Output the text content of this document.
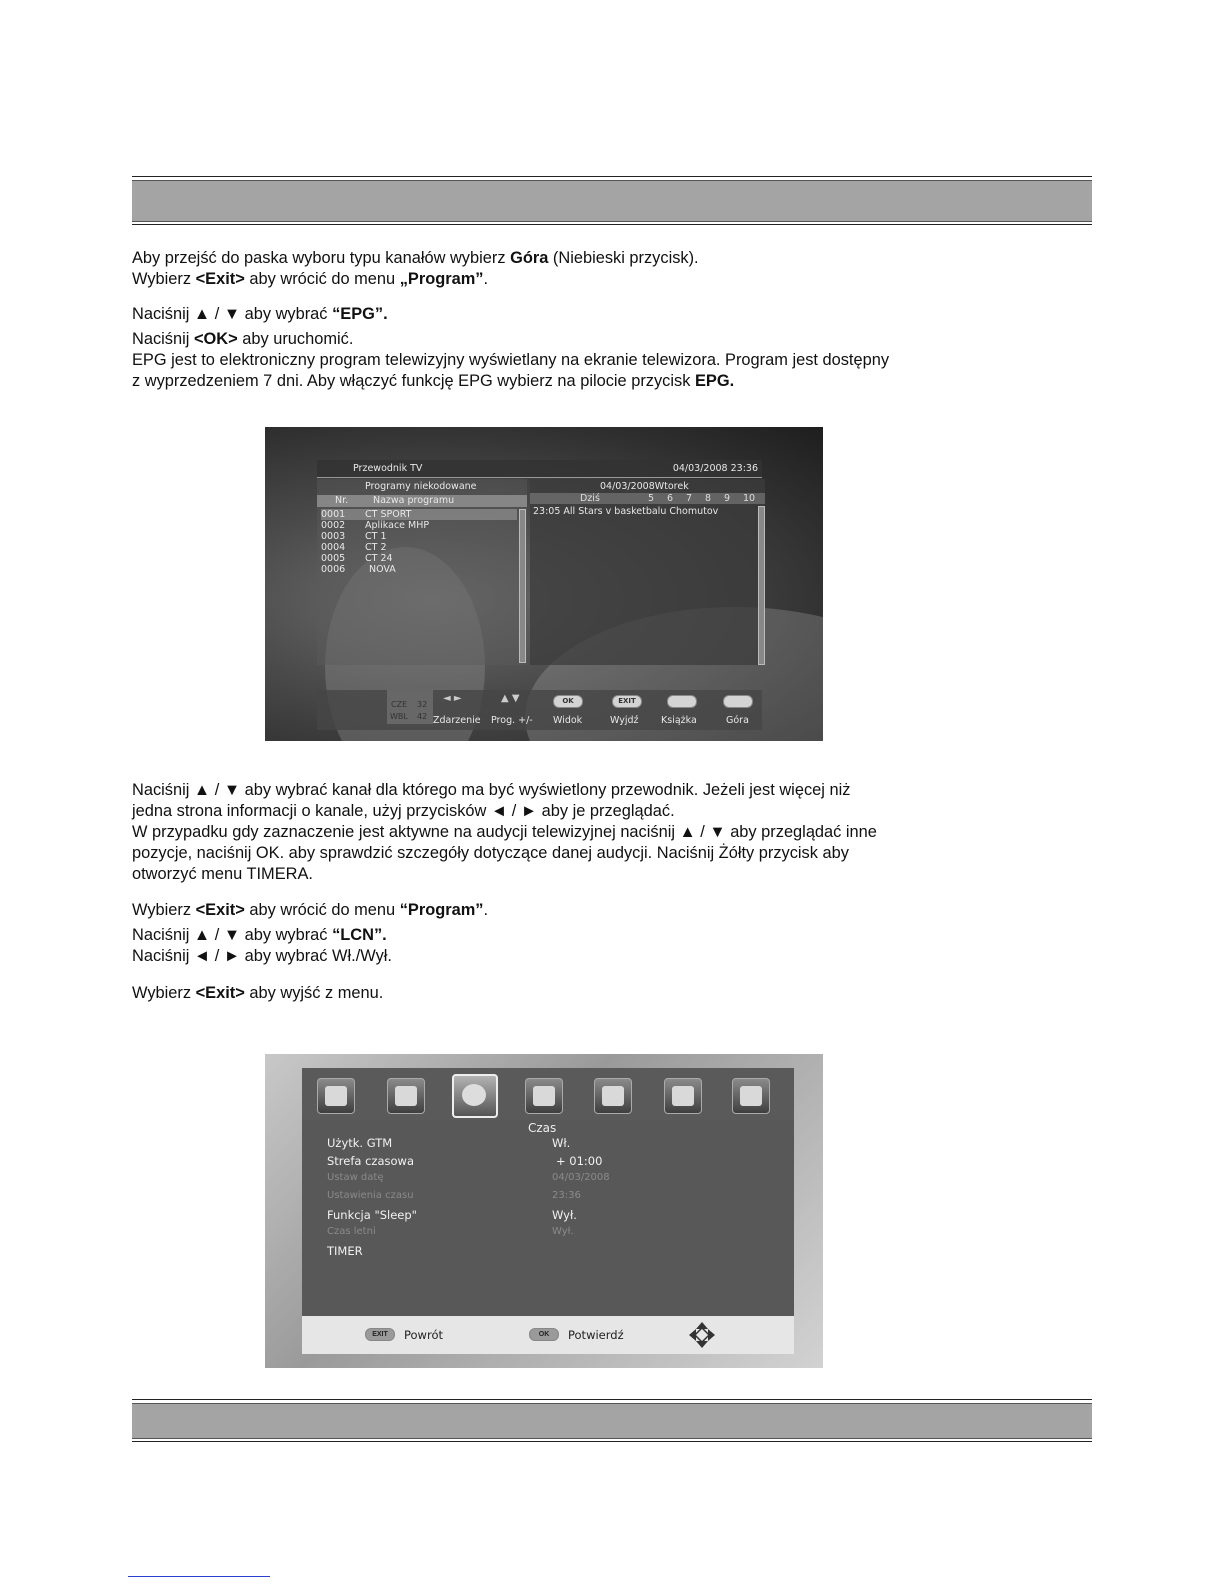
Aby przejść do paska wyboru typu kanałów wybierz Góra (Niebieski przycisk).
Wybierz <Exit> aby wrócić do menu „Program”.
Naciśnij ▲ / ▼ aby wybrać “EPG”.
Naciśnij <OK> aby uruchomić.
EPG jest to elektroniczny program telewizyjny wyświetlany na ekranie telewizora. Program jest dostępny
z wyprzedzeniem 7 dni. Aby włączyć funkcję EPG wybierz na pilocie przycisk EPG.
Przewodnik TV	04/03/2008 23:36
Programy niekodowane
Nr.	Nazwa programu
0001 CT SPORT
0002 Aplikace MHP
0003 CT 1
0004 CT 2
0005 CT 24
0006	NOVA
04/03/2008Wtorek
Dziś	5 6 7 8 9 10
23:05 All Stars v basketbalu Chomutov
CZE 32
WBL 42
◄ ►	▲ ▼	OK	EXIT
Zdarzenie Prog. +/- Widok	Wyjdź Książka	Góra
Naciśnij ▲ / ▼ aby wybrać kanał dla którego ma być wyświetlony przewodnik. Jeżeli jest więcej niż
jedna strona informacji o kanale, użyj przycisków ◄ / ► aby je przeglądać.
W przypadku gdy zaznaczenie jest aktywne na audycji telewizyjnej naciśnij ▲ / ▼ aby przeglądać inne
pozycje, naciśnij OK. aby sprawdzić szczegóły dotyczące danej audycji. Naciśnij Żółty przycisk aby
otworzyć menu TIMERA.
Wybierz <Exit> aby wrócić do menu “Program”.
Naciśnij ▲ / ▼ aby wybrać “LCN”.
Naciśnij ◄ / ► aby wybrać Wł./Wył.
Wybierz <Exit> aby wyjść z menu.
Czas
Użytk. GTM	Wł.
Strefa czasowa	+ 01:00
Ustaw datę	04/03/2008
Ustawienia czasu	23:36
Funkcja "Sleep"	Wył.
Czas letni	Wył.
TIMER
EXIT	Powrót	OK	Potwierdź
